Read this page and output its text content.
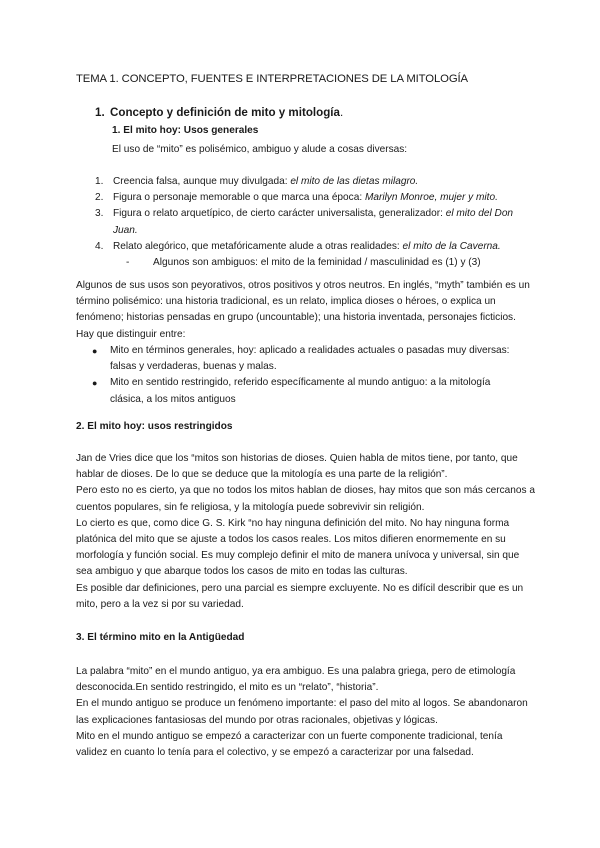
TEMA 1. CONCEPTO, FUENTES E INTERPRETACIONES DE LA MITOLOGÍA
1. Concepto y definición de mito y mitología.
1. El mito hoy: Usos generales
El uso de “mito” es polisémico, ambiguo y alude a cosas diversas:
1. Creencia falsa, aunque muy divulgada: el mito de las dietas milagro.
2. Figura o personaje memorable o que marca una época: Marilyn Monroe, mujer y mito.
3. Figura o relato arquetípico, de cierto carácter universalista, generalizador: el mito del Don Juan.
4. Relato alegórico, que metafóricamente alude a otras realidades: el mito de la Caverna.
- Algunos son ambiguos: el mito de la feminidad / masculinidad es (1) y (3)
Algunos de sus usos son peyorativos, otros positivos y otros neutros. En inglés, “myth” también es un
término polisémico: una historia tradicional, es un relato, implica dioses o héroes, o explica un
fenómeno; historias pensadas en grupo (uncountable); una historia inventada, personajes ficticios.
Hay que distinguir entre:
● Mito en términos generales, hoy: aplicado a realidades actuales o pasadas muy diversas:
falsas y verdaderas, buenas y malas.
● Mito en sentido restringido, referido específicamente al mundo antiguo: a la mitología
clásica, a los mitos antiguos
2. El mito hoy: usos restringidos
Jan de Vries dice que los “mitos son historias de dioses. Quien habla de mitos tiene, por tanto, que
hablar de dioses. De lo que se deduce que la mitología es una parte de la religión”.
Pero esto no es cierto, ya que no todos los mitos hablan de dioses, hay mitos que son más cercanos a
cuentos populares, sin fe religiosa, y la mitología puede sobrevivir sin religión.
Lo cierto es que, como dice G. S. Kirk “no hay ninguna definición del mito. No hay ninguna forma
platónica del mito que se ajuste a todos los casos reales. Los mitos difieren enormemente en su
morfología y función social. Es muy complejo definir el mito de manera unívoca y universal, sin que
sea ambiguo y que abarque todos los casos de mito en todas las culturas.
Es posible dar definiciones, pero una parcial es siempre excluyente. No es difícil describir que es un
mito, pero a la vez si por su variedad.
3. El término mito en la Antigüedad
La palabra “mito” en el mundo antiguo, ya era ambiguo. Es una palabra griega, pero de etimología
desconocida.En sentido restringido, el mito es un “relato”, “historia”.
En el mundo antiguo se produce un fenómeno importante: el paso del mito al logos. Se abandonaron
las explicaciones fantasiosas del mundo por otras racionales, objetivas y lógicas.
Mito en el mundo antiguo se empezó a caracterizar con un fuerte componente tradicional, tenía
validez en cuanto lo tenía para el colectivo, y se empezó a caracterizar por una falsedad.
